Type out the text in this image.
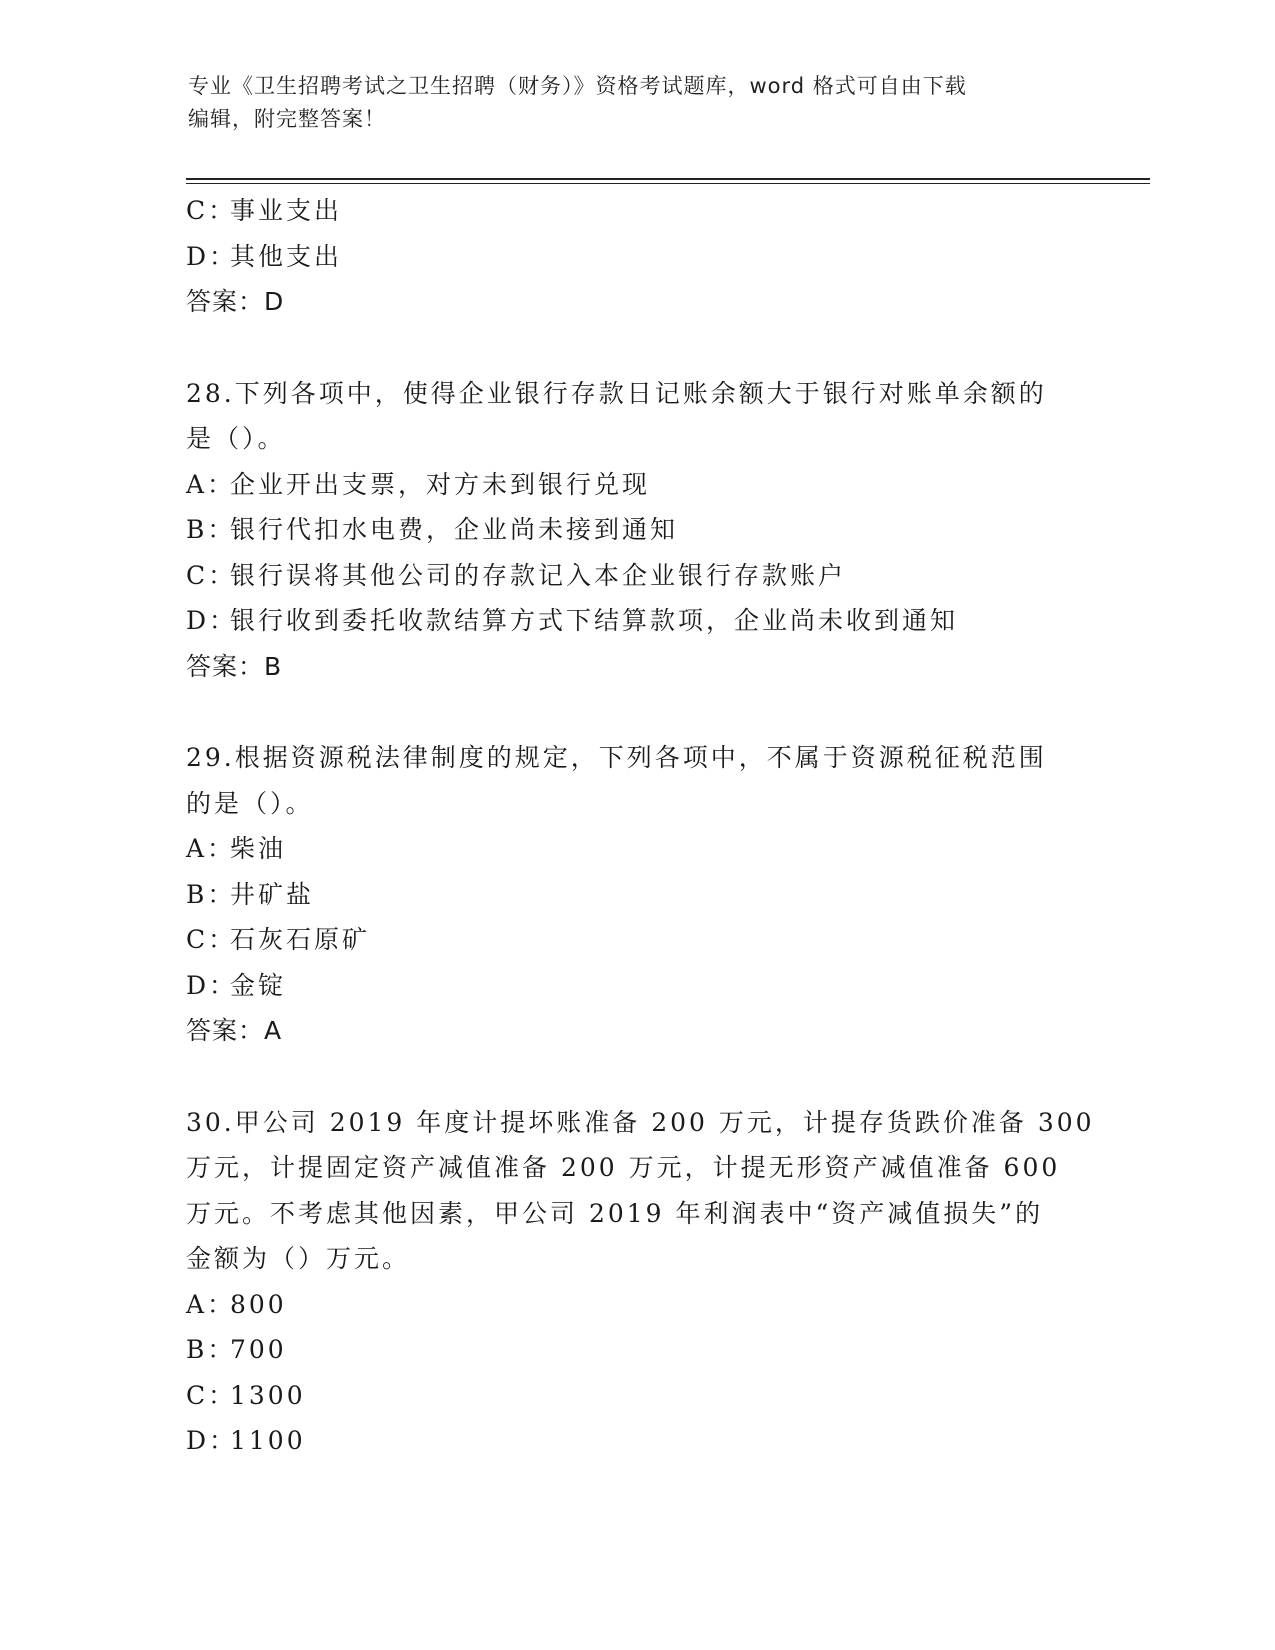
专业《卫生招聘考试之卫生招聘（财务）》资格考试题库，word 格式可自由下载
编辑，附完整答案！
C：事业支出
D：其他支出
答案：D
28.下列各项中，使得企业银行存款日记账余额大于银行对账单余额的
是（）。
A：企业开出支票，对方未到银行兑现
B：银行代扣水电费，企业尚未接到通知
C：银行误将其他公司的存款记入本企业银行存款账户
D：银行收到委托收款结算方式下结算款项，企业尚未收到通知
答案：B
29.根据资源税法律制度的规定，下列各项中，不属于资源税征税范围
的是（）。
A：柴油
B：井矿盐
C：石灰石原矿
D：金锭
答案：A
30.甲公司 2019 年度计提坏账准备 200 万元，计提存货跌价准备 300
万元，计提固定资产减值准备 200 万元，计提无形资产减值准备 600
万元。不考虑其他因素，甲公司 2019 年利润表中“资产减值损失”的
金额为（）万元。
A：800
B：700
C：1300
D：1100
